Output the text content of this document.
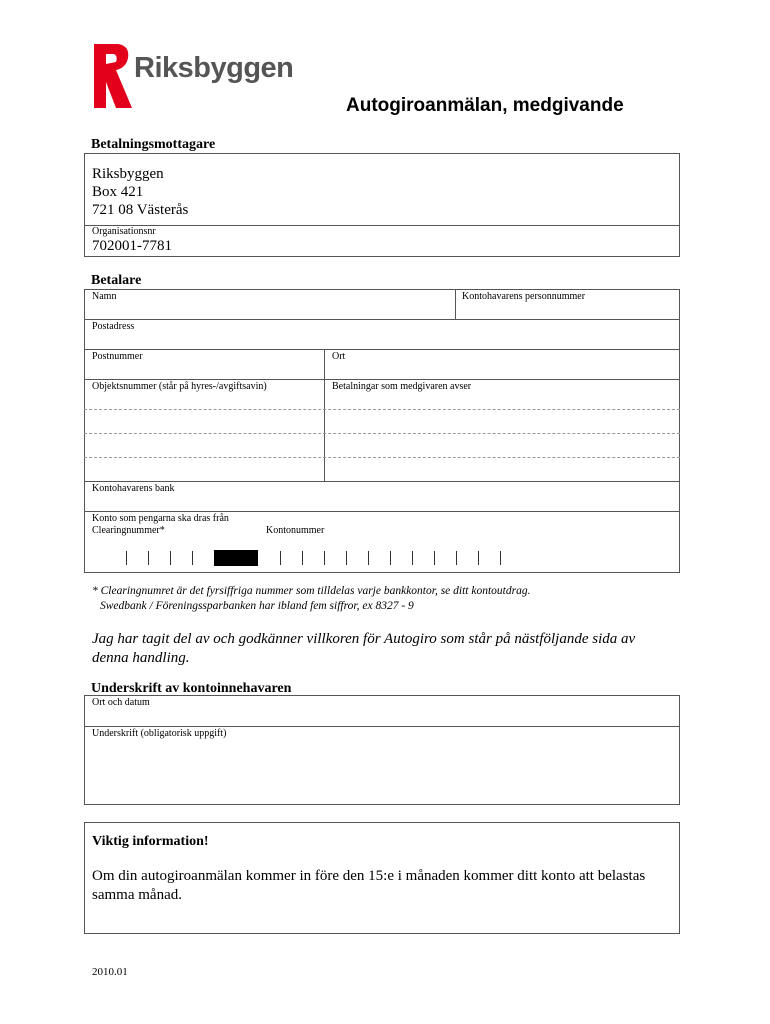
Riksbyggen
Autogiroanmälan, medgivande
Betalningsmottagare
Riksbyggen
Box 421
721 08 Västerås
Organisationsnr
702001-7781
Betalare
Namn	Kontohavarens personnummer
Postadress
Postnummer	Ort
Objektsnummer (står på hyres-/avgiftsavin)	Betalningar som medgivaren avser
Kontohavarens bank
Konto som pengarna ska dras från
Clearingnummer*	Kontonummer
* Clearingnumret är det fyrsiffriga nummer som tilldelas varje bankkontor, se ditt kontoutdrag.
Swedbank / Föreningssparbanken har ibland fem siffror, ex 8327 - 9
Jag har tagit del av och godkänner villkoren för Autogiro som står på nästföljande sida av denna handling.
Underskrift av kontoinnehavaren
Ort och datum
Underskrift (obligatorisk uppgift)
Viktig information!
Om din autogiroanmälan kommer in före den 15:e i månaden kommer ditt konto att belastas samma månad.
2010.01
